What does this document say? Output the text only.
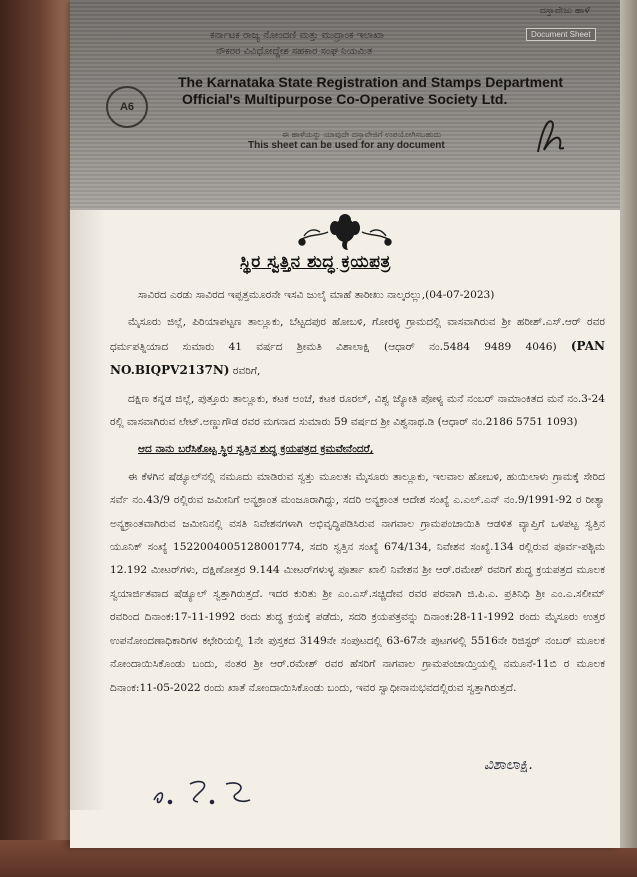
A6
ಕರ್ನಾಟಕ ರಾಜ್ಯ ನೋಂದಣಿ ಮತ್ತು ಮುದ್ರಾಂಕ ಇಲಾಖಾ
ನೌಕರರ ವಿವಿಧೋದ್ದೇಶ ಸಹಕಾರ ಸಂಘ ನಿಯಮಿತ
The Karnataka State Registration and Stamps Department
Official's Multipurpose Co-Operative Society Ltd.
ಈ ಹಾಳೆಯನ್ನು ಯಾವುದೇ ದಸ್ತಾವೇಜಿಗೆ ಉಪಯೋಗಿಸಬಹುದು
This sheet can be used for any document
ದಸ್ತಾವೇಜು ಹಾಳೆ
Document Sheet
ಸ್ಥಿರ ಸ್ವತ್ತಿನ ಶುದ್ಧ ಕ್ರಯಪತ್ರ

ಸಾವಿರದ ಎರಡು ಸಾವಿರದ ಇಪ್ಪತ್ತಮೂರನೇ ಇಸವಿ ಜುಲೈ ಮಾಹೆ ತಾರೀಖು ನಾಲ್ಕರಲ್ಲು,(04-07-2023)

ಮೈಸೂರು ಜಿಲ್ಲೆ, ಪಿರಿಯಾಪಟ್ಟಣ ತಾಲ್ಲೂಕು, ಬೆಟ್ಟದಪುರ ಹೋಬಳಿ, ಗೋರಳ್ಳಿ ಗ್ರಾಮದಲ್ಲಿ ವಾಸವಾಗಿರುವ ಶ್ರೀ ಹರೀಶ್.ಎಸ್.ಆರ್ ರವರ ಧರ್ಮಪತ್ನಿಯಾದ ಸುಮಾರು 41 ವರ್ಷದ ಶ್ರೀಮತಿ ವಿಶಾಲಾಕ್ಷಿ (ಆಧಾರ್ ನಂ.5484 9489 4046) (PAN NO.BIQPV2137N) ರವರಿಗೆ,

ದಕ್ಷಿಣ ಕನ್ನಡ ಜಿಲ್ಲೆ, ಪುತ್ತೂರು ತಾಲ್ಲೂಕು, ಕಟಕ ಅಂಚೆ, ಕಟಕ ರೂರಲ್, ವಿಶ್ವ ಜ್ಯೋತಿ ಪೋಳ್ಯ ಮನೆ ನಂಬರ್ ನಾಮಾಂಕಿತದ ಮನೆ ನಂ.3-24 ರಲ್ಲಿ ವಾಸವಾಗಿರುವ ಲೇಟ್.ಅಣ್ಣುಗೌಡ ರವರ ಮಗನಾದ ಸುಮಾರು 59 ವರ್ಷದ ಶ್ರೀ ವಿಶ್ವನಾಥ.ಡಿ (ಆಧಾರ್ ನಂ.2186 5751 1093)

ಆದ ನಾನು ಬರೆಸಿಕೊಟ್ಟ ಸ್ಥಿರ ಸ್ವತ್ತಿನ ಶುದ್ಧ ಕ್ರಯಪತ್ರದ ಕ್ರಮವೇನೆಂದರೆ,

ಈ ಕೆಳಗಿನ ಷೆಡ್ಯೂಲ್‌ನಲ್ಲಿ ನಮೂದು ಮಾಡಿರುವ ಸ್ವತ್ತು ಮೂಲತಃ ಮೈಸೂರು ತಾಲ್ಲೂಕು, ಇಲವಾಲ ಹೋಬಳಿ, ಹುಯಿಲಾಳು ಗ್ರಾಮಕ್ಕೆ ಸೇರಿದ ಸರ್ವೆ ನಂ.43/9 ರಲ್ಲಿರುವ ಜಮೀನಿಗೆ ಅನ್ಯಕ್ರಾಂತ ಮಂಜೂರಾಗಿದ್ದು, ಸದರಿ ಅನ್ಯಕ್ರಾಂತ ಆದೇಶ ಸಂಖ್ಯೆ ಎ.ಎಲ್.ಎನ್ ನಂ.9/1991-92 ರ ರೀತ್ಯಾ ಅನ್ಯಕ್ರಾಂತವಾಗಿರುವ ಜಮೀನಿನಲ್ಲಿ ವಸತಿ ನಿವೇಶನಗಳಾಗಿ ಅಭಿವೃದ್ಧಿಪಡಿಸಿರುವ ನಾಗವಾಲ ಗ್ರಾಮಪಂಚಾಯಿತಿ ಆಡಳಿತ ವ್ಯಾಪ್ತಿಗೆ ಒಳಪಟ್ಟ ಸ್ವತ್ತಿನ ಯೂನಿಕ್ ಸಂಖ್ಯೆ 1522004005128001774, ಸದರಿ ಸ್ವತ್ತಿನ ಸಂಖ್ಯೆ 674/134, ನಿವೇಶನ ಸಂಖ್ಯೆ.134 ರಲ್ಲಿರುವ ಪೂರ್ವ-ಪಶ್ಚಿಮ 12.192 ಮೀಟರ್‌ಗಳು, ದಕ್ಷಿಣೋತ್ತರ 9.144 ಮೀಟರ್‌ಗಳುಳ್ಳ ಪೂರ್ತಾ ಖಾಲಿ ನಿವೇಶನ ಶ್ರೀ ಆರ್.ರಮೇಶ್ ರವರಿಗೆ ಶುದ್ಧ ಕ್ರಯಪತ್ರದ ಮೂಲಕ ಸ್ವಯಾರ್ಜಿತವಾದ ಷೆಡ್ಯೂಲ್ ಸ್ವತ್ತಾಗಿರುತ್ತದೆ. ಇದರ ಕುರಿತು ಶ್ರೀ ಎಂ.ಎಸ್.ಸಚ್ಚಿದೇವ ರವರ ಪರವಾಗಿ ಜಿ.ಪಿ.ಎ. ಪ್ರತಿನಿಧಿ ಶ್ರೀ ಎಂ.ಎ.ಸಲೀಮ್ ರವರಿಂದ ದಿನಾಂಕ:17-11-1992 ರಂದು ಶುದ್ಧ ಕ್ರಯಕ್ಕೆ ಪಡೆದು, ಸದರಿ ಕ್ರಯಪತ್ರವನ್ನು ದಿನಾಂಕ:28-11-1992 ರಂದು ಮೈಸೂರು ಉತ್ತರ ಉಪನೋಂದಣಾಧಿಕಾರಿಗಳ ಕಛೇರಿಯಲ್ಲಿ 1ನೇ ಪುಸ್ತಕದ 3149ನೇ ಸಂಪುಟದಲ್ಲಿ 63-67ನೇ ಪುಟಗಳಲ್ಲಿ 5516ನೇ ರಿಜಿಸ್ಟರ್ ನಂಬರ್ ಮೂಲಕ ನೋಂದಾಯಿಸಿಕೊಂಡು ಬಂದು, ನಂತರ ಶ್ರೀ ಆರ್.ರಮೇಶ್ ರವರ ಹೆಸರಿಗೆ ನಾಗವಾಲ ಗ್ರಾಮಪಂಚಾಯ್ತಿಯಲ್ಲಿ ನಮೂನೆ-11ಬಿ ರ ಮೂಲಕ ದಿನಾಂಕ:11-05-2022 ರಂದು ಖಾತೆ ನೋಂದಾಯಿಸಿಕೊಂಡು ಬಂದು, ಇವರ ಸ್ವಾಧೀನಾನುಭವದಲ್ಲಿರುವ ಸ್ವತ್ತಾಗಿರುತ್ತದೆ.

ವಿಶಾಲಾಕ್ಷಿ.
